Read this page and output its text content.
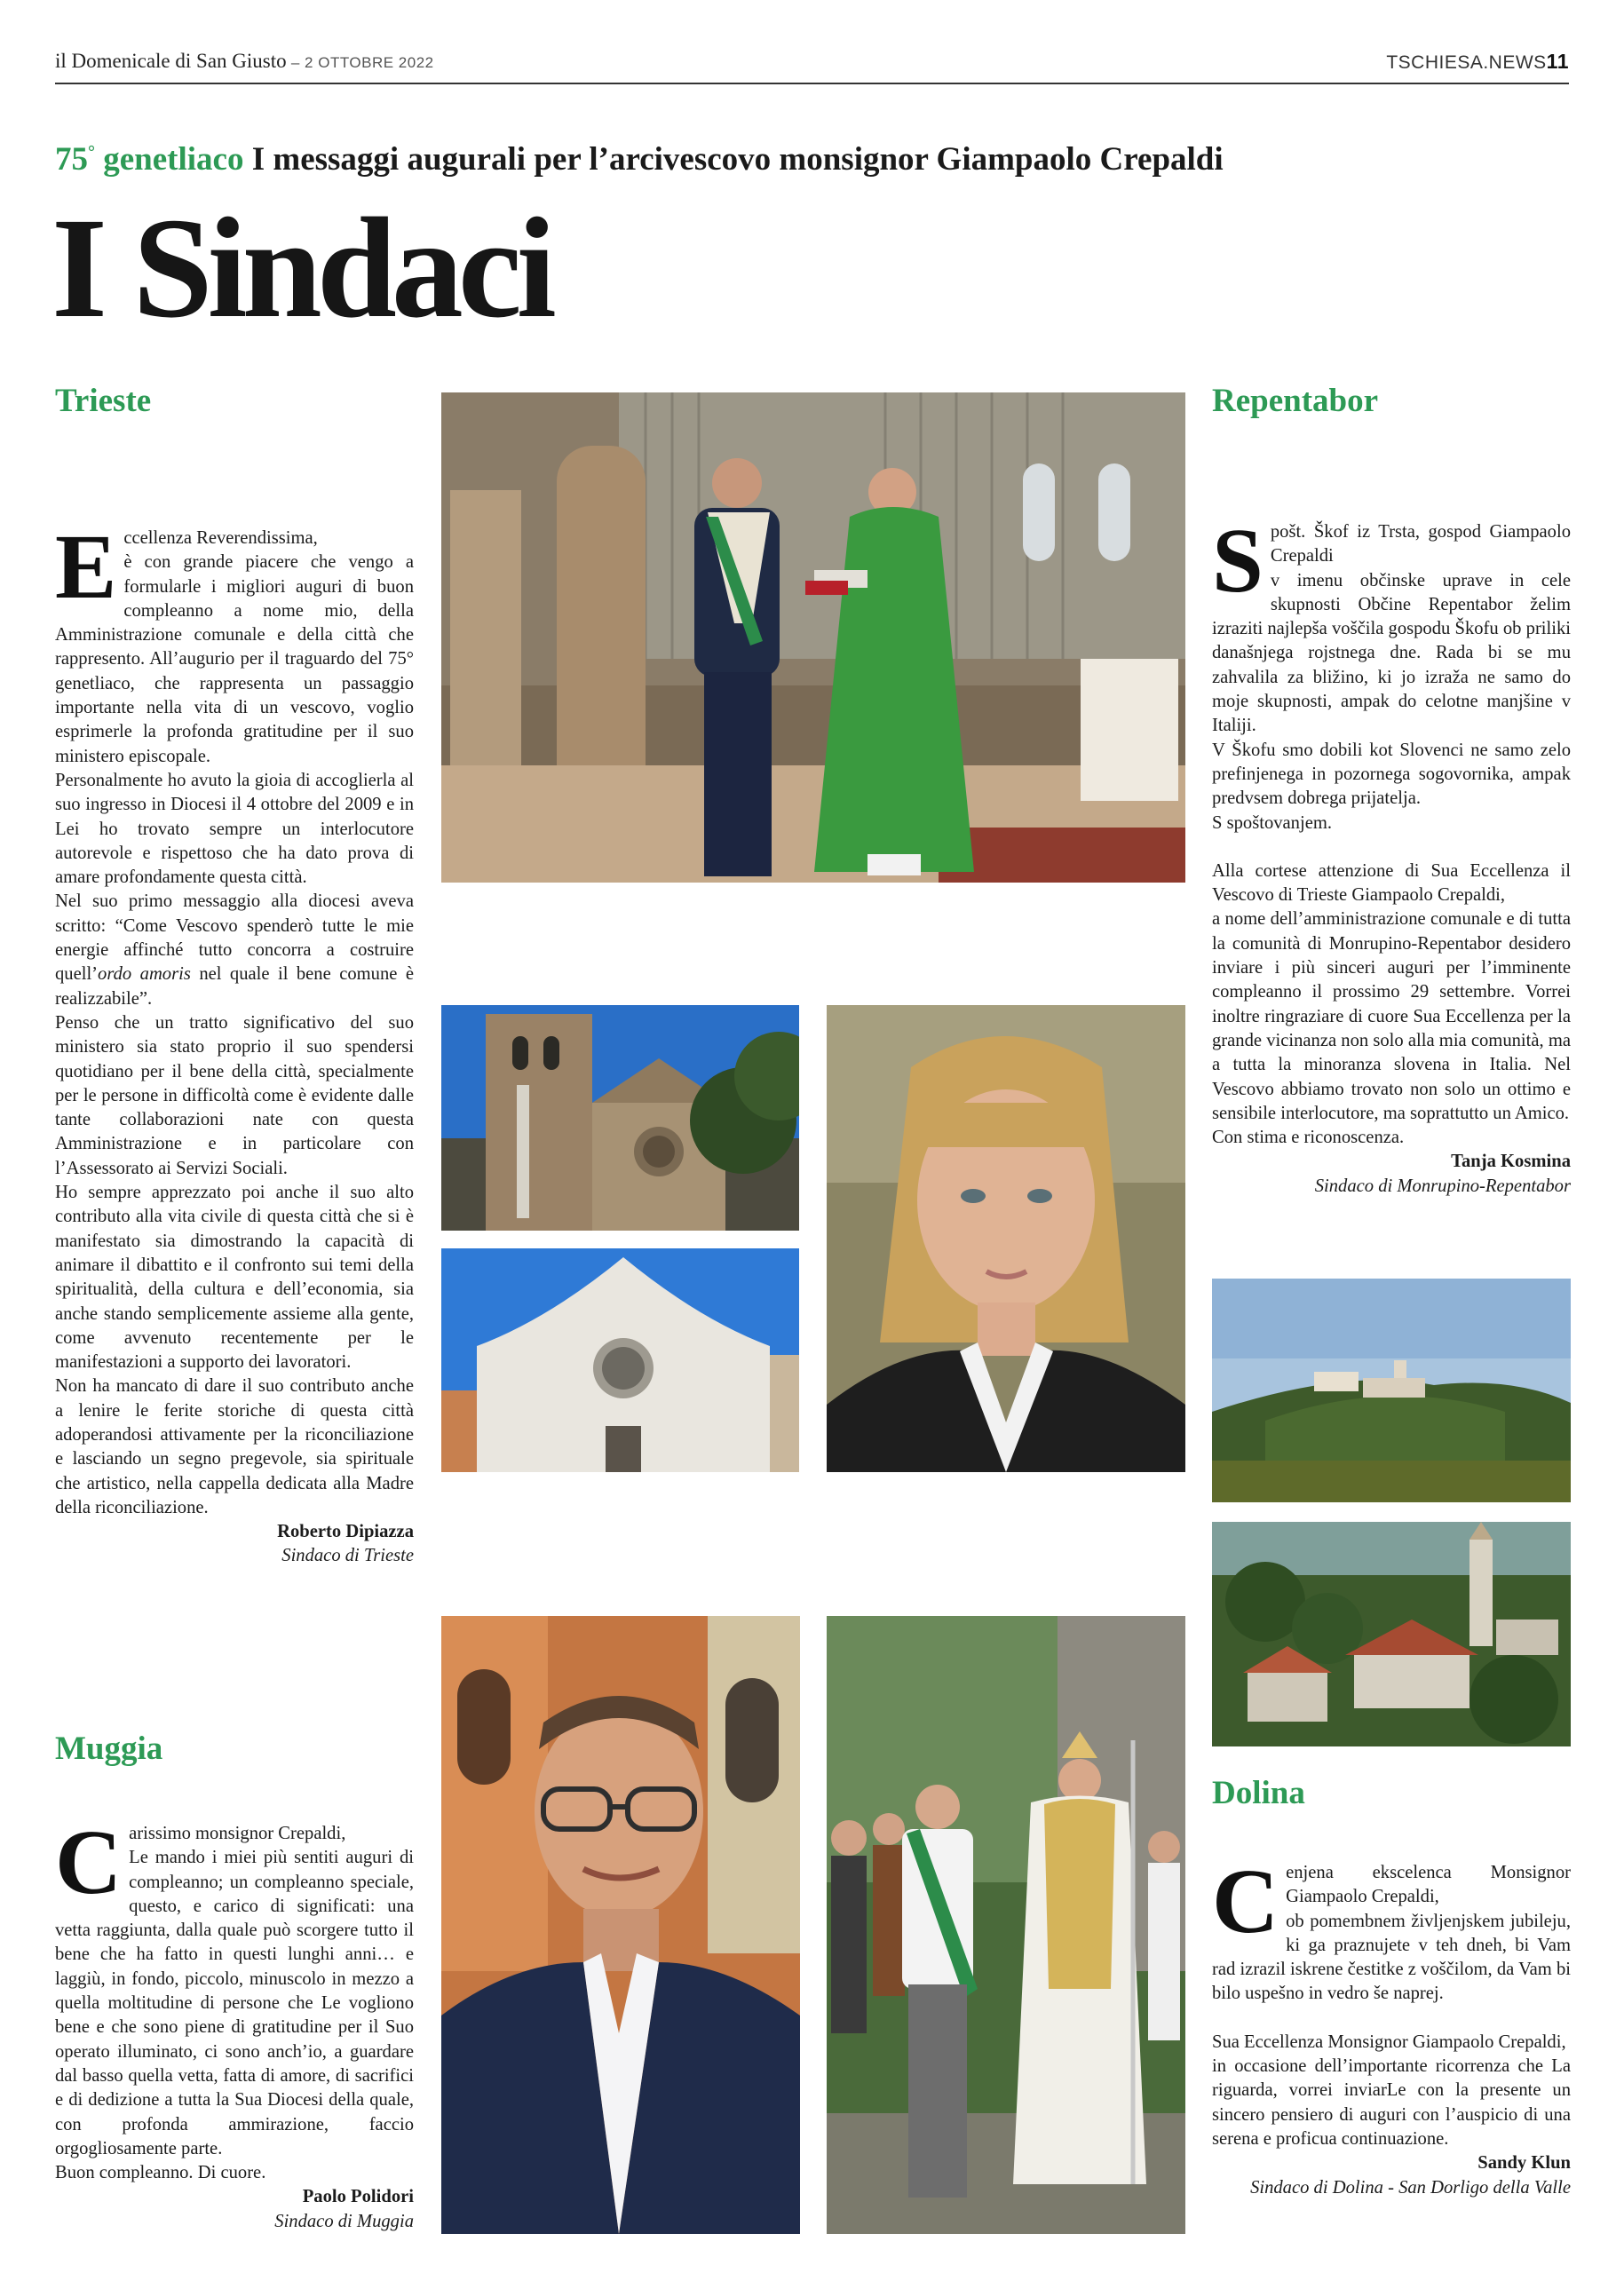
il Domenicale di San Giusto – 2 OTTOBRE 2022	TSCHIESA.NEWS11
75° genetliaco I messaggi augurali per l’arcivescovo monsignor Giampaolo Crepaldi
I Sindaci
Trieste

Eccellenza Reverendissima,

è con grande piacere che vengo a formularle i migliori auguri di buon compleanno a nome mio, della Amministrazione comunale e della città che rappresento. All’augurio per il traguardo del 75° genetliaco, che rappresenta un passaggio importante nella vita di un vescovo, voglio esprimerle la profonda gratitudine per il suo ministero episcopale.

Personalmente ho avuto la gioia di accoglierla al suo ingresso in Diocesi il 4 ottobre del 2009 e in Lei ho trovato sempre un interlocutore autorevole e rispettoso che ha dato prova di amare profondamente questa città.

Nel suo primo messaggio alla diocesi aveva scritto: “Come Vescovo spenderò tutte le mie energie affinché tutto concorra a costruire quell’ordo amoris nel quale il bene comune è realizzabile”.

Penso che un tratto significativo del suo ministero sia stato proprio il suo spendersi quotidiano per il bene della città, specialmente per le persone in difficoltà come è evidente dalle tante collaborazioni nate con questa Amministrazione e in particolare con l’Assessorato ai Servizi Sociali.

Ho sempre apprezzato poi anche il suo alto contributo alla vita civile di questa città che si è manifestato sia dimostrando la capacità di animare il dibattito e il confronto sui temi della spiritualità, della cultura e dell’economia, sia anche stando semplicemente assieme alla gente, come avvenuto recentemente per le manifestazioni a supporto dei lavoratori.

Non ha mancato di dare il suo contributo anche a lenire le ferite storiche di questa città adoperandosi attivamente per la riconciliazione e lasciando un segno pregevole, sia spirituale che artistico, nella cappella dedicata alla Madre della riconciliazione.

Roberto Dipiazza

Sindaco di Trieste

Muggia

Carissimo monsignor Crepaldi,

Le mando i miei più sentiti auguri di compleanno; un compleanno speciale, questo, e carico di significati: una vetta raggiunta, dalla quale può scorgere tutto il bene che ha fatto in questi lunghi anni… e laggiù, in fondo, piccolo, minuscolo in mezzo a quella moltitudine di persone che Le vogliono bene e che sono piene di gratitudine per il Suo operato illuminato, ci sono anch’io, a guardare dal basso quella vetta, fatta di amore, di sacrifici e di dedizione a tutta la Sua Diocesi della quale, con profonda ammirazione, faccio orgogliosamente parte.

Buon compleanno. Di cuore.

Paolo Polidori

Sindaco di Muggia

Repentabor

Spošt. Škof iz Trsta, gospod Giampaolo Crepaldi

v imenu občinske uprave in cele skupnosti Občine Repentabor želim izraziti najlepša voščila gospodu Škofu ob priliki današnjega rojstnega dne. Rada bi se mu zahvalila za bližino, ki jo izraža ne samo do moje skupnosti, ampak do celotne manjšine v Italiji.

V Škofu smo dobili kot Slovenci ne samo zelo prefinjenega in pozornega sogovornika, ampak predvsem dobrega prijatelja.

S spoštovanjem.

Alla cortese attenzione di Sua Eccellenza il Vescovo di Trieste Giampaolo Crepaldi,

a nome dell’amministrazione comunale e di tutta la comunità di Monrupino-Repentabor desidero inviare i più sinceri auguri per l’imminente compleanno il prossimo 29 settembre. Vorrei inoltre ringraziare di cuore Sua Eccellenza per la grande vicinanza non solo alla mia comunità, ma a tutta la minoranza slovena in Italia. Nel Vescovo abbiamo trovato non solo un ottimo e sensibile interlocutore, ma soprattutto un Amico.

Con stima e riconoscenza.

Tanja Kosmina

Sindaco di Monrupino-Repentabor

Dolina

Cenjena ekscelenca Monsignor Giampaolo Crepaldi,

ob pomembnem življenjskem jubileju, ki ga praznujete v teh dneh, bi Vam rad izrazil iskrene čestitke z voščilom, da Vam bi bilo uspešno in vedro še naprej.

Sua Eccellenza Monsignor Giampaolo Crepaldi,

in occasione dell’importante ricorrenza che La riguarda, vorrei inviarLe con la presente un sincero pensiero di auguri con l’auspicio di una serena e proficua continuazione.

Sandy Klun

Sindaco di Dolina - San Dorligo della Valle
